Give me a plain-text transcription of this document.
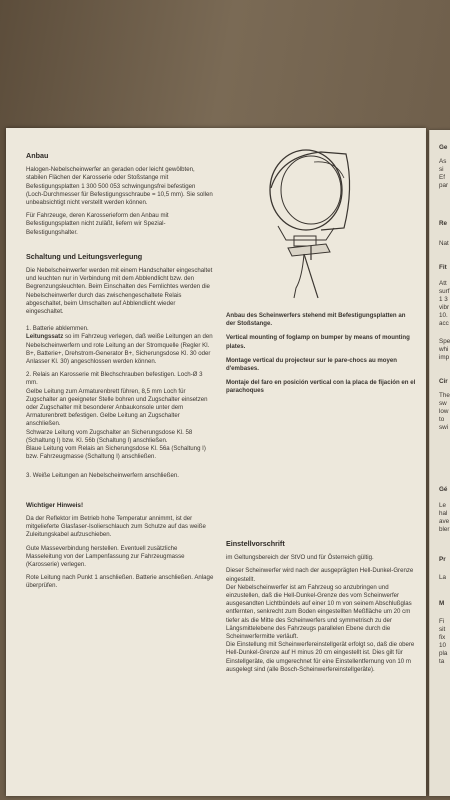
Anbau

Halogen-Nebelscheinwerfer an geraden oder leicht gewölbten, stabilen Flächen der Karosserie oder Stoßstange mit Befestigungsplatten 1 300 500 053 schwingungsfrei befestigen (Loch-Durchmesser für Befestigungsschraube = 10,5 mm). Sie sollen unbeabsichtigt nicht verstellt werden können.

Für Fahrzeuge, deren Karosserieform den Anbau mit Befestigungsplatten nicht zuläßt, liefern wir Spezial-Befestigungshalter.

Schaltung und Leitungsverlegung

Die Nebelscheinwerfer werden mit einem Handschalter eingeschaltet und leuchten nur in Verbindung mit dem Abblendlicht bzw. den Begrenzungsleuchten. Beim Einschalten des Fernlichtes werden die Nebelscheinwerfer durch das zwischengeschaltete Relais abgeschaltet, beim Umschalten auf Abblendlicht wieder eingeschaltet.

1. Batterie abklemmen.

Leitungssatz so im Fahrzeug verlegen, daß weiße Leitungen an den Nebelscheinwerfern und rote Leitung an der Stromquelle (Regler Kl. B+, Batterie+, Drehstrom-Generator B+, Sicherungsdose Kl. 30 oder Anlasser Kl. 30) angeschlossen werden können.

2. Relais an Karosserie mit Blechschrauben befestigen. Loch-Ø 3 mm.

Gelbe Leitung zum Armaturenbrett führen, 8,5 mm Loch für Zugschalter an geeigneter Stelle bohren und Zugschalter einsetzen oder Zugschalter mit besonderer Anbaukonsole unter dem Armaturenbrett befestigen. Gelbe Leitung an Zugschalter anschließen.

Schwarze Leitung vom Zugschalter an Sicherungsdose Kl. 58 (Schaltung I) bzw. Kl. 56b (Schaltung I) anschließen.

Blaue Leitung vom Relais an Sicherungsdose Kl. 56a (Schaltung I) bzw. Fahrzeugmasse (Schaltung I) anschließen.

3. Weiße Leitungen an Nebelscheinwerfern anschließen.

Wichtiger Hinweis!

Da der Reflektor im Betrieb hohe Temperatur annimmt, ist der mitgelieferte Glasfaser-Isolierschlauch zum Schutze auf das weiße Zuleitungskabel aufzuschieben.

Gute Masseverbindung herstellen. Eventuell zusätzliche Masseleitung von der Lampenfassung zur Fahrzeugmasse (Karosserie) verlegen.

Rote Leitung nach Punkt 1 anschließen. Batterie anschließen. Anlage überprüfen.

Anbau des Scheinwerfers stehend mit Befestigungsplatten an der Stoßstange.

Vertical mounting of foglamp on bumper by means of mounting plates.

Montage vertical du projecteur sur le pare-chocs au moyen d'embases.

Montaje del faro en posición vertical con la placa de fijación en el parachoques

Einstellvorschrift

im Geltungsbereich der StVO und für Österreich gültig.

Dieser Scheinwerfer wird nach der ausgeprägten Hell-Dunkel-Grenze eingestellt.

Der Nebelscheinwerfer ist am Fahrzeug so anzubringen und einzustellen, daß die Hell-Dunkel-Grenze des vom Scheinwerfer ausgesandten Lichtbündels auf einer 10 m von seinem Abschlußglas entfernten, senkrecht zum Boden eingestellten Meßfläche um 20 cm tiefer als die Mitte des Scheinwerfers und symmetrisch zu der Längsmittelebene des Fahrzeugs parallelen Ebene durch die Scheinwerfermitte verläuft.

Die Einstellung mit Scheinwerfereinstellgerät erfolgt so, daß die obere Hell-Dunkel-Grenze auf H minus 20 cm eingestellt ist. Dies gilt für Einstellgeräte, die umgerechnet für eine Einstellentfernung von 10 m ausgelegt sind (alle Bosch-Scheinwerfereinstellgeräte).

Ge
As
si
Ef
par
Re
Nat
Fit
Att
surf
1 3
vibr
10.
acc
Spe
whi
imp
Cir
The
sw
low
to
swi
Gé
Le
hal
ave
bler
Pr
La
M
Fi
sit
fix
10
pla
ta
